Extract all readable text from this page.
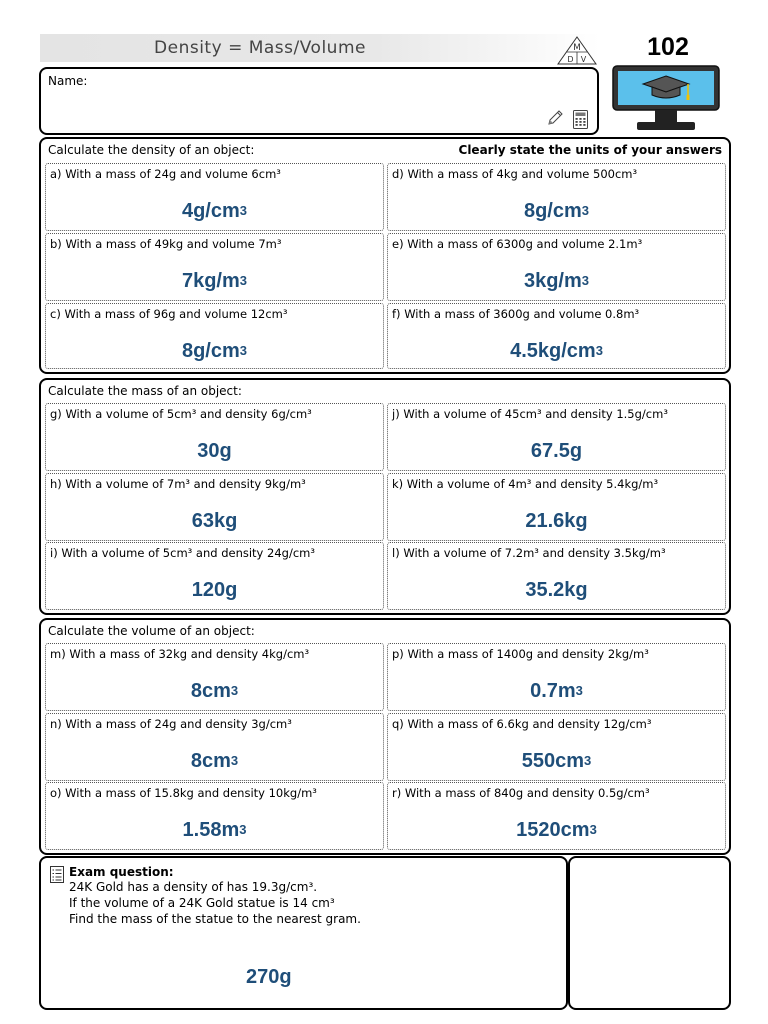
Density = Mass/Volume	M
D V	102
Name:
Calculate the density of an object:	Clearly state the units of your answers
a) With a mass of 24g and volume 6cm³
$4g/cm^3$
b) With a mass of 49kg and volume 7m³
$7kg/m^3$
c) With a mass of 96g and volume 12cm³
$8g/cm^3$
d) With a mass of 4kg and volume 500cm³
$8g/cm^3$
e) With a mass of 6300g and volume 2.1m³
$3kg/m^3$
f) With a mass of 3600g and volume 0.8m³
$4.5kg/cm^3$
Calculate the mass of an object:
g) With a volume of 5cm³ and density 6g/cm³
30g
h) With a volume of 7m³ and density 9kg/m³
63kg
i) With a volume of 5cm³ and density 24g/cm³
120g
j) With a volume of 45cm³ and density 1.5g/cm³
67.5g
k) With a volume of 4m³ and density 5.4kg/m³
21.6kg
l) With a volume of 7.2m³ and density 3.5kg/m³
35.2kg
Calculate the volume of an object:
m) With a mass of 32kg and density 4kg/cm³
$8cm^3$
n) With a mass of 24g and density 3g/cm³
$8cm^3$
o) With a mass of 15.8kg and density 10kg/m³
$1.58m^3$
p) With a mass of 1400g and density 2kg/m³
$0.7m^3$
q) With a mass of 6.6kg and density 12g/cm³
$550cm^3$
r) With a mass of 840g and density 0.5g/cm³
$1520cm^3$
Exam question:
24K Gold has a density of has 19.3g/cm³.
If the volume of a 24K Gold statue is 14 cm³
Find the mass of the statue to the nearest gram.
270g
